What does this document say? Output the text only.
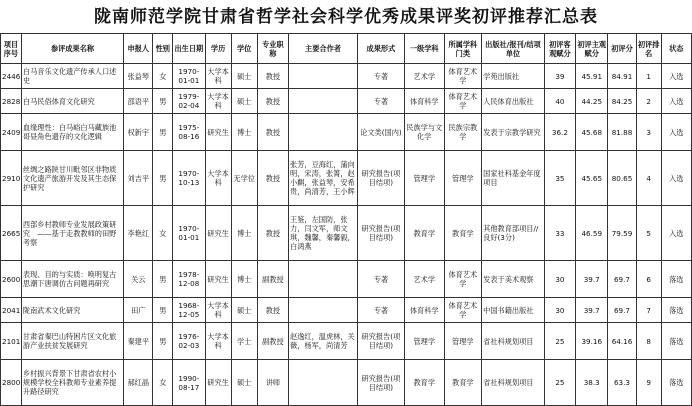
陇南师范学院甘肃省哲学社会科学优秀成果评奖初评推荐汇总表
项目序号	参评成果名称	申报人	性别	出生日期	学历	学位	专业职称	主要合作者	成果形式	一级学科	所属学科门类	出版社/报刊/结项单位	初评客观赋分	初评主观赋分	初评分	初评排名	状态
2446	白马音乐文化遗产传承人口述史	张益琴	女	1970-01-01	大学本科	硕士	教授		专著	艺术学	体育艺术学	学苑出版社	39	45.91	84.91	1	入选
2828	白马民俗体育文化研究	邵语平	男	1979-02-04	大学本科	硕士	教授		专著	体育科学	体育艺术学	人民体育出版社	40	44.25	84.25	2	入选
2409	血缘理性：白马峪白马藏族池哥昼角色遗存的文化逻辑	权新宇	男	1975-08-16	研究生	博士	教授		论文类(国内)	民族学与文化学	民族宗教学	发表于宗教学研究	36.2	45.68	81.88	3	入选
2910	丝绸之路陕甘川毗邻区非物质文化遗产旅游开发及其生态保护研究	刘吉平	男	1970-10-13	大学本科	无学位	教授	张芳，豆海红，蒲向明，宋涛，张箐，赵小麒，张益琴，安希贵，尚清芳，王小辉	研究报告(项目结项)	管理学	管理学	国家社科基金年度项目	35	45.65	80.65	4	入选
2665	西部乡村教师专业发展政策研究　——基于走教教师的田野考察	李艳红	女	1970-01-01	研究生	博士	教授	王鉴，左国防，张力，闫文军，师文琪，魏馨，秦馨毅，白鸿燕	研究报告(项目结项)	教育学	教育学	其他教育部项目//良好(3分)	33	46.59	79.59	5	入选
2600	表现、目的与实质：唤明复古思潮下唐调仿古问题再研究	关云	男	1978-12-08	研究生	博士	副教授		专著	艺术学	体育艺术学	发表于美术观察	30	39.7	69.7	6	落选
2041	陇南武术文化研究	田广	男	1968-12-05	大学本科	硕士	教授		专著	体育科学	体育艺术学	中国书籍出版社	30	39.7	69.7	7	落选
2101	甘肃省秦巴山特困片区文化旅游产业扶贫发展研究	秦建平	男	1976-02-03	大学本科	学士	副教授	赵逸红，温虎林，关薇，杨军，尚清芳	研究报告(项目结项)	管理学	管理学	省社科规划项目	25	39.16	64.16	8	落选
2800	乡村振兴背景下甘肃省农村小规模学校全科教师专业素养提升路径研究	郝红晶	女	1990-08-17	研究生	硕士	讲师		研究报告(项目结项)	教育学	教育学	省社科规划项目	25	38.3	63.3	9	落选
